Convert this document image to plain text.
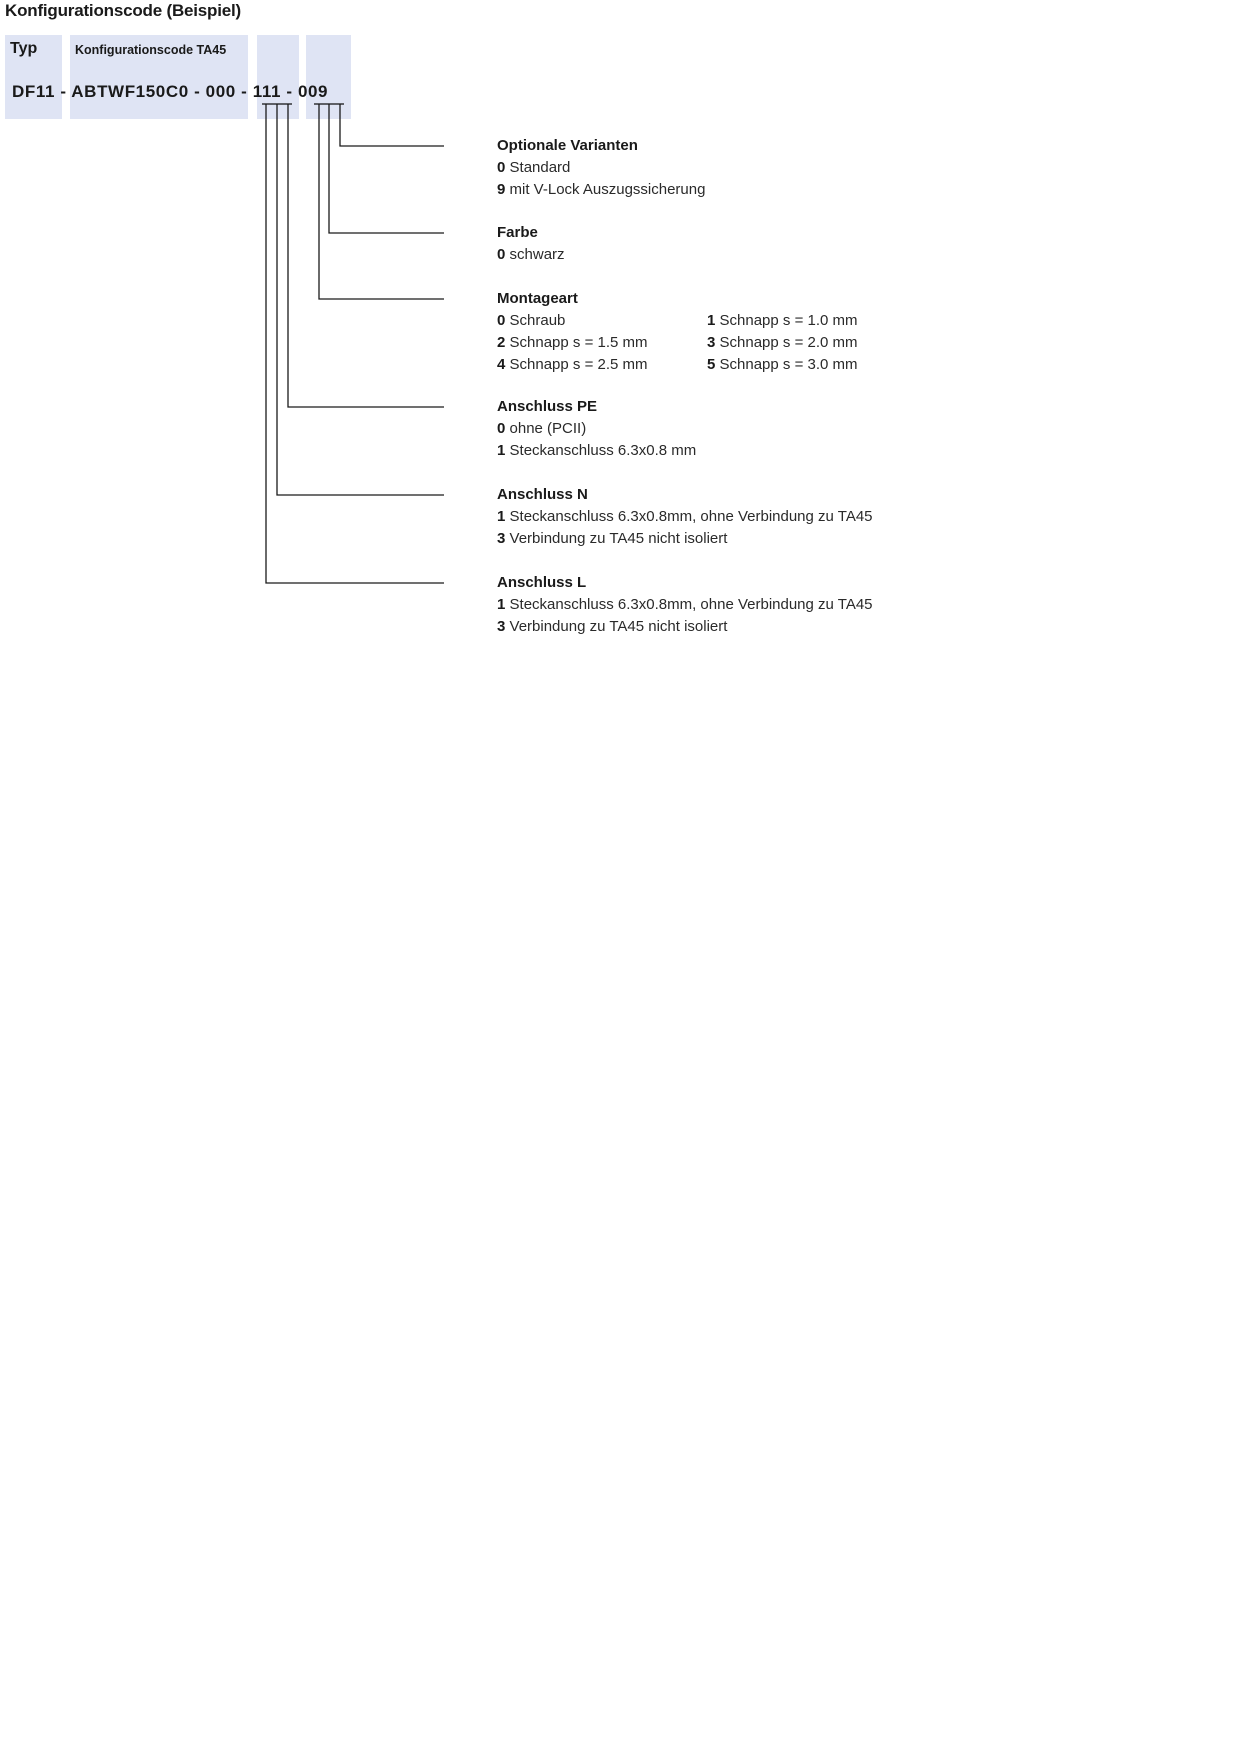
Konfigurationscode (Beispiel)
Typ	Konfigurationscode TA45
DF11 - ABTWF150C0 - 000 - 111 - 009
Optionale Varianten
0 Standard
9 mit V-Lock Auszugssicherung
Farbe
0 schwarz
Montageart
0 Schraub	1 Schnapp s = 1.0 mm
2 Schnapp s = 1.5 mm	3 Schnapp s = 2.0 mm
4 Schnapp s = 2.5 mm	5 Schnapp s = 3.0 mm
Anschluss PE
0 ohne (PCII)
1 Steckanschluss 6.3x0.8 mm
Anschluss N
1 Steckanschluss 6.3x0.8mm, ohne Verbindung zu TA45
3 Verbindung zu TA45 nicht isoliert
Anschluss L
1 Steckanschluss 6.3x0.8mm, ohne Verbindung zu TA45
3 Verbindung zu TA45 nicht isoliert
